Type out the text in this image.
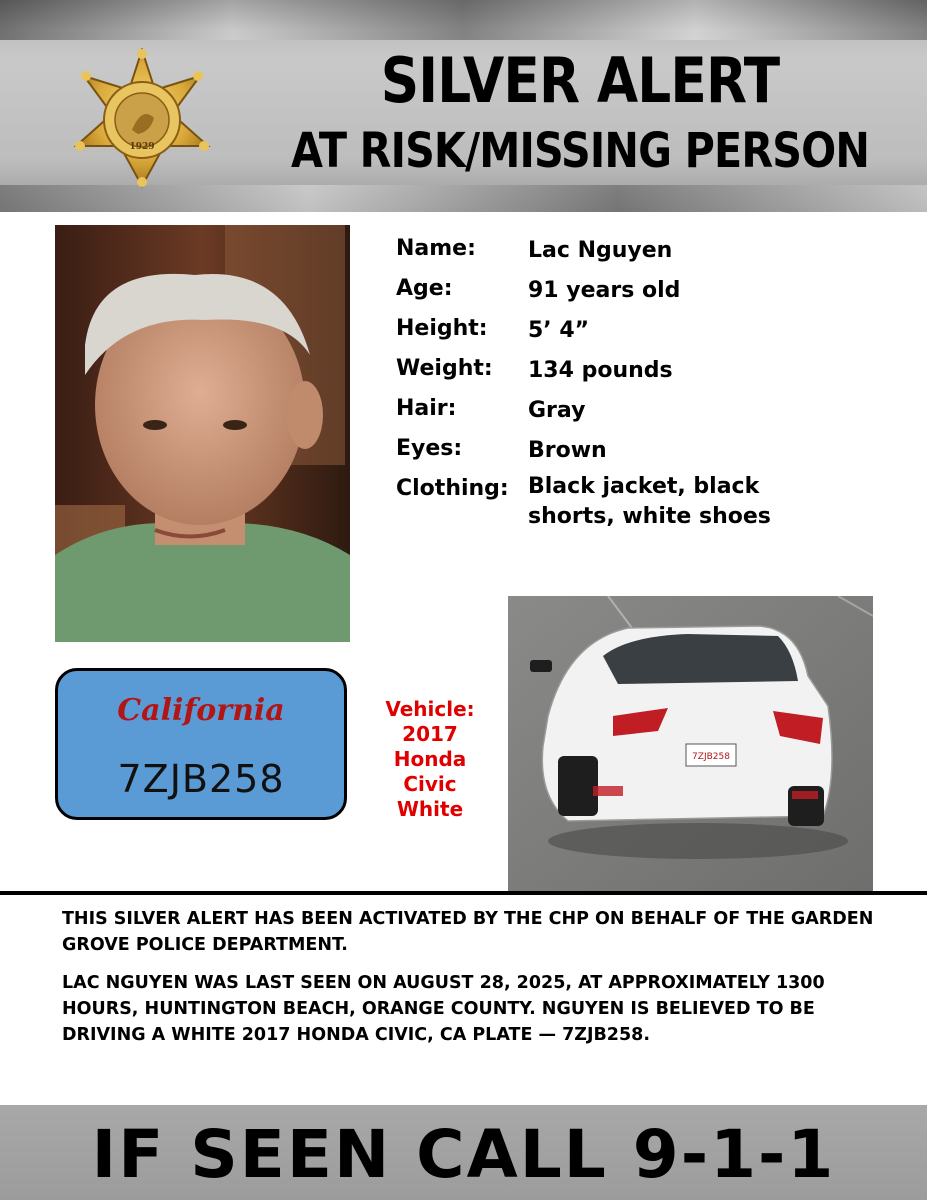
1929
SILVER ALERT
AT RISK/MISSING PERSON
Name: Lac Nguyen
Age:	91 years old
Height: 5’ 4”
Weight: 134 pounds
Hair:	Gray
Eyes:	Brown
Clothing: Black jacket, black shorts, white shoes
California
7ZJB258
Vehicle:
2017
Honda
Civic
White
7ZJB258

THIS SILVER ALERT HAS BEEN ACTIVATED BY THE CHP ON BEHALF OF THE GARDEN GROVE POLICE DEPARTMENT.

LAC NGUYEN WAS LAST SEEN ON AUGUST 28, 2025, AT APPROXIMATELY 1300 HOURS, HUNTINGTON BEACH, ORANGE COUNTY. NGUYEN IS BELIEVED TO BE DRIVING A WHITE 2017 HONDA CIVIC, CA PLATE — 7ZJB258.

IF SEEN CALL 9-1-1
